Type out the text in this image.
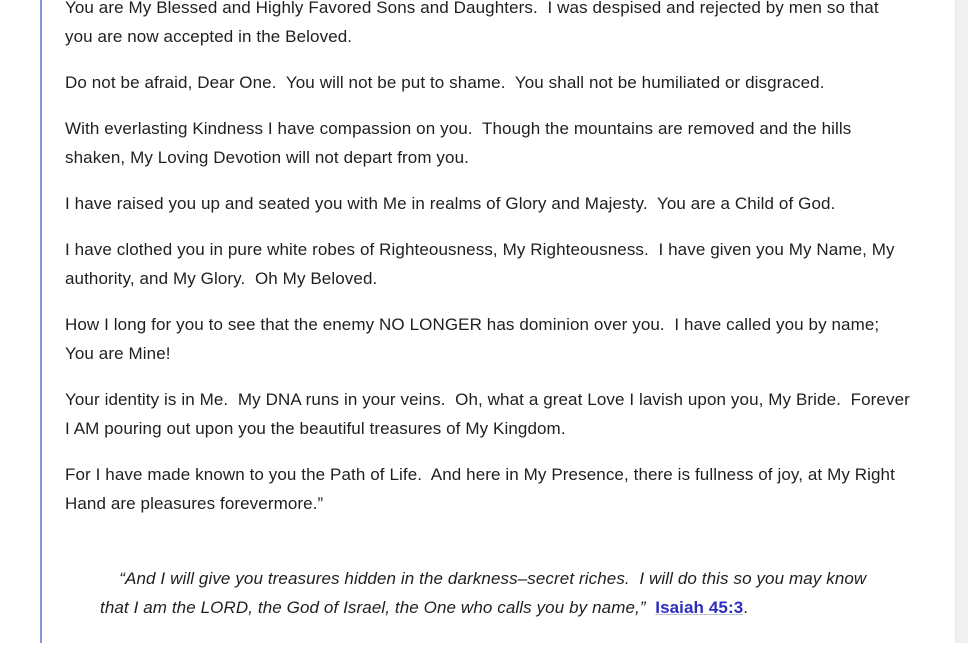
You are My Blessed and Highly Favored Sons and Daughters.  I was despised and rejected by men so that you are now accepted in the Beloved.

Do not be afraid, Dear One.  You will not be put to shame.  You shall not be humiliated or disgraced.

With everlasting Kindness I have compassion on you.  Though the mountains are removed and the hills shaken, My Loving Devotion will not depart from you.

I have raised you up and seated you with Me in realms of Glory and Majesty.  You are a Child of God.

I have clothed you in pure white robes of Righteousness, My Righteousness.  I have given you My Name, My authority, and My Glory.  Oh My Beloved.

How I long for you to see that the enemy NO LONGER has dominion over you.  I have called you by name; You are Mine!

Your identity is in Me.  My DNA runs in your veins.  Oh, what a great Love I lavish upon you, My Bride.  Forever I AM pouring out upon you the beautiful treasures of My Kingdom.

For I have made known to you the Path of Life.  And here in My Presence, there is fullness of joy, at My Right Hand are pleasures forevermore.”

“And I will give you treasures hidden in the darkness–secret riches.  I will do this so you may know that I am the LORD, the God of Israel, the One who calls you by name,”  Isaiah 45:3.
